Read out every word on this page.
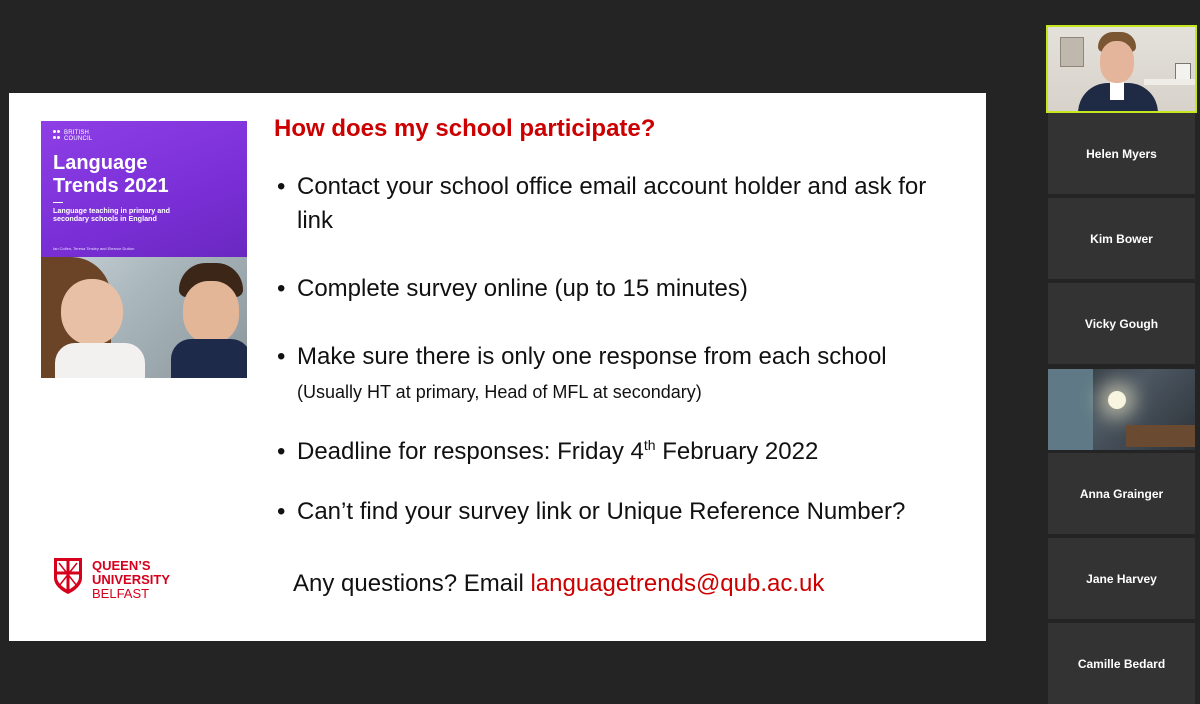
BRITISH
COUNCIL
Language
Trends 2021
Language teaching in primary and secondary schools in England
Ian Collen, Teresa Tinsley and Eleanor Dutton
How does my school participate?
• Contact your school office email account holder and ask for link
• Complete survey online (up to 15 minutes)
• Make sure there is only one response from each school (Usually HT at primary, Head of MFL at secondary)
• Deadline for responses: Friday 4th February 2022
• Can’t find your survey link or Unique Reference Number?
Any questions? Email languagetrends@qub.ac.uk
QUEEN’S
UNIVERSITY
BELFAST
Helen Myers
Kim Bower
Vicky Gough
Anna Grainger
Jane Harvey
Camille Bedard
